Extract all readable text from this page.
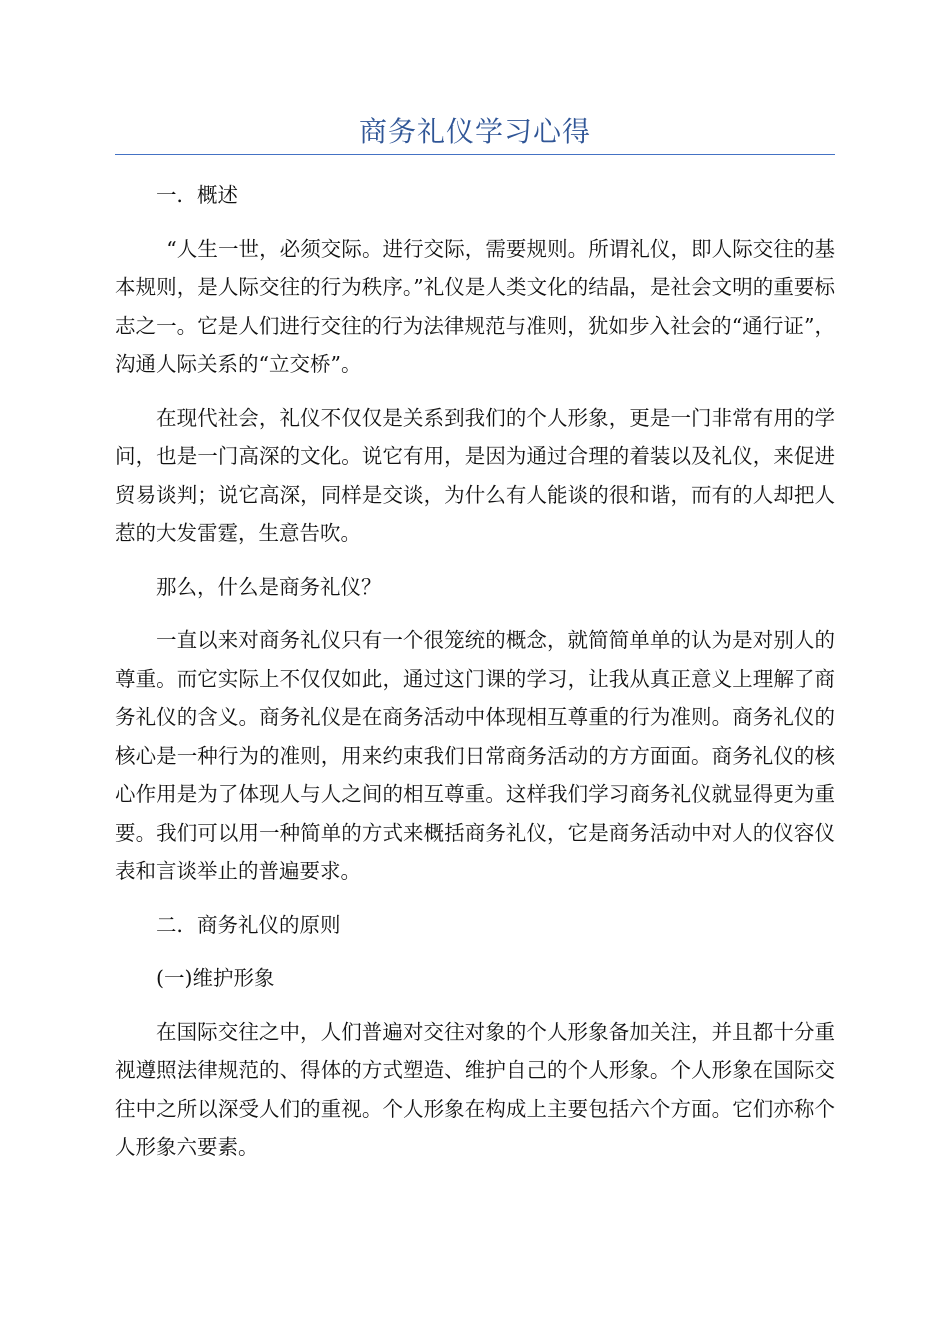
商务礼仪学习心得

一．概述

“人生一世，必须交际。进行交际，需要规则。所谓礼仪，即人际交往的基本规则，是人际交往的行为秩序。”礼仪是人类文化的结晶，是社会文明的重要标志之一。它是人们进行交往的行为法律规范与准则，犹如步入社会的“通行证”，沟通人际关系的“立交桥”。

在现代社会，礼仪不仅仅是关系到我们的个人形象，更是一门非常有用的学问，也是一门高深的文化。说它有用，是因为通过合理的着装以及礼仪，来促进贸易谈判；说它高深，同样是交谈，为什么有人能谈的很和谐，而有的人却把人惹的大发雷霆，生意告吹。

那么，什么是商务礼仪？

一直以来对商务礼仪只有一个很笼统的概念，就简简单单的认为是对别人的尊重。而它实际上不仅仅如此，通过这门课的学习，让我从真正意义上理解了商务礼仪的含义。商务礼仪是在商务活动中体现相互尊重的行为准则。商务礼仪的核心是一种行为的准则，用来约束我们日常商务活动的方方面面。商务礼仪的核心作用是为了体现人与人之间的相互尊重。这样我们学习商务礼仪就显得更为重要。我们可以用一种简单的方式来概括商务礼仪，它是商务活动中对人的仪容仪表和言谈举止的普遍要求。

二．商务礼仪的原则

(一)维护形象

在国际交往之中，人们普遍对交往对象的个人形象备加关注，并且都十分重视遵照法律规范的、得体的方式塑造、维护自己的个人形象。个人形象在国际交往中之所以深受人们的重视。个人形象在构成上主要包括六个方面。它们亦称个人形象六要素。
